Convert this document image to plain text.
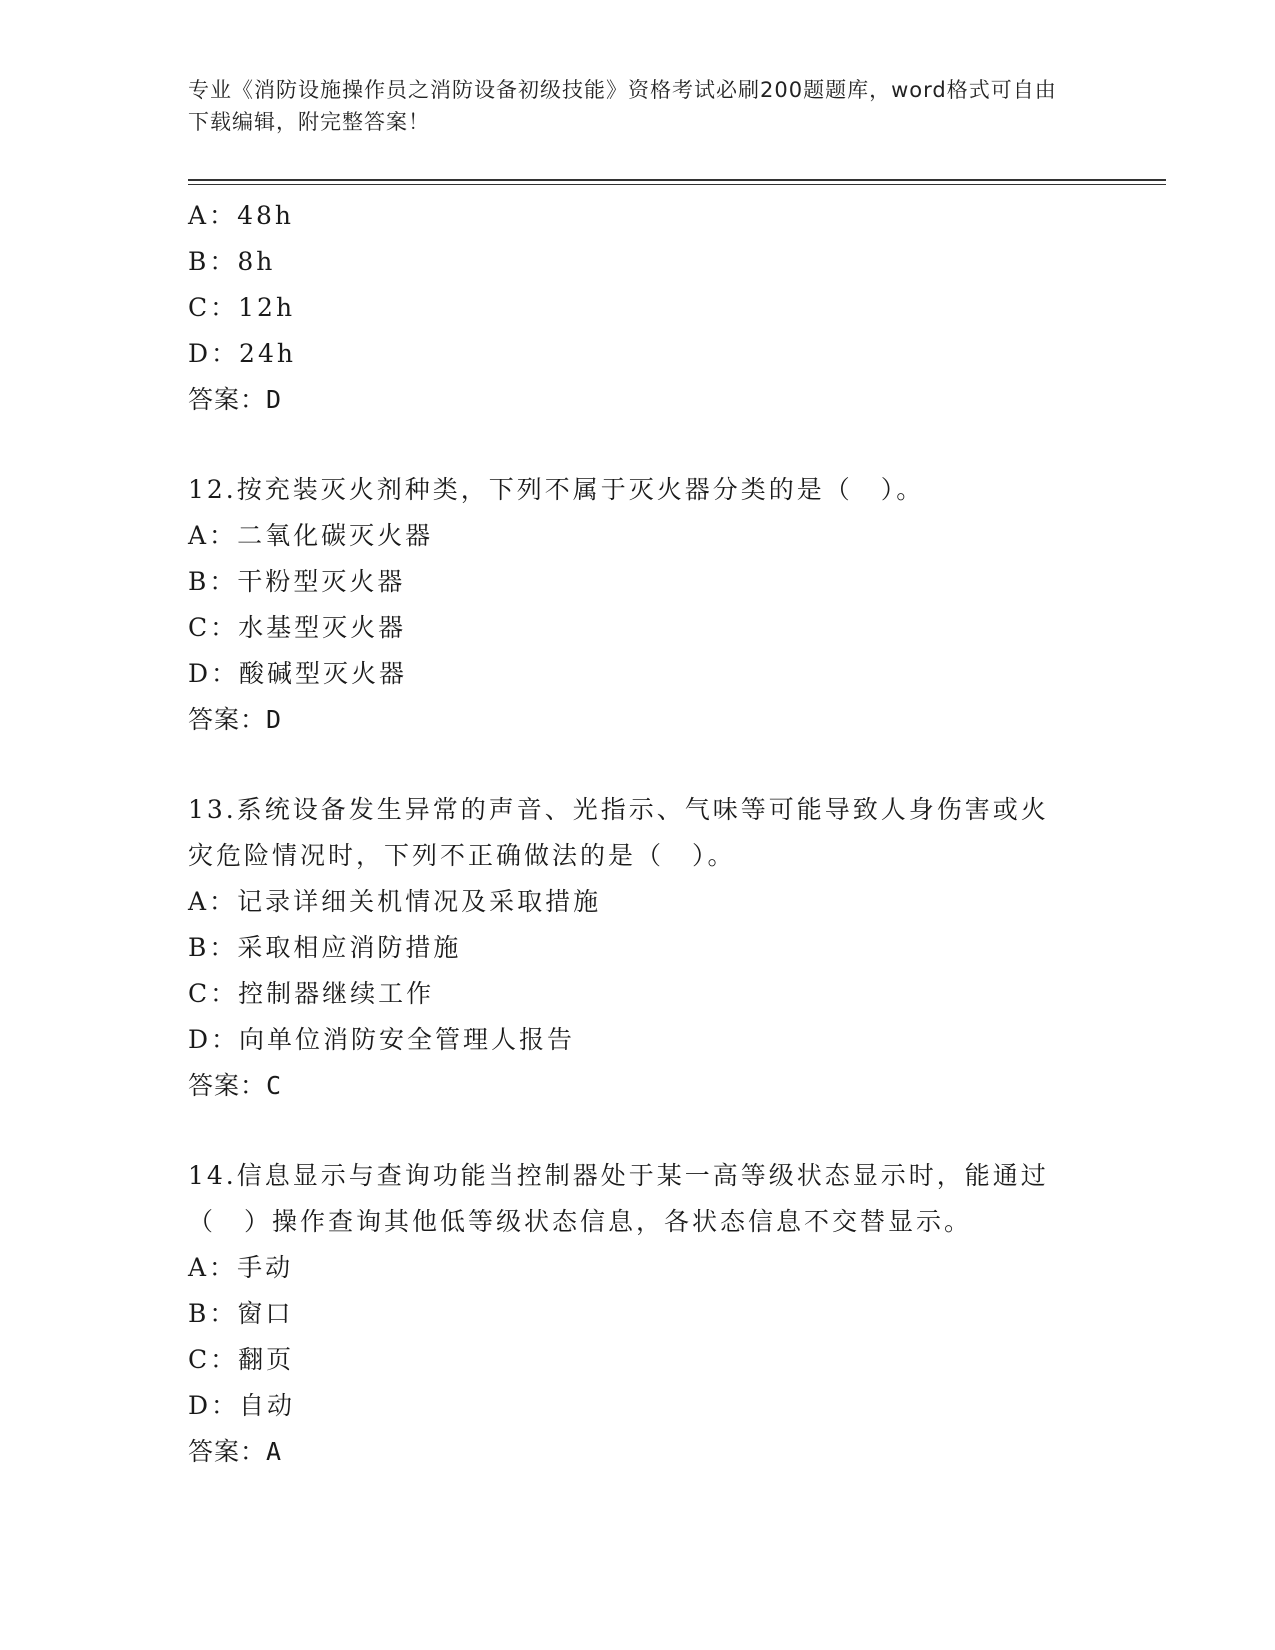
专业《消防设施操作员之消防设备初级技能》资格考试必刷200题题库，word格式可自由下载编辑，附完整答案！
A：48h
B：8h
C：12h
D：24h
答案：D
12.按充装灭火剂种类，下列不属于灭火器分类的是（　）。
A：二氧化碳灭火器
B：干粉型灭火器
C：水基型灭火器
D：酸碱型灭火器
答案：D
13.系统设备发生异常的声音、光指示、气味等可能导致人身伤害或火
灾危险情况时，下列不正确做法的是（　）。
A：记录详细关机情况及采取措施
B：采取相应消防措施
C：控制器继续工作
D：向单位消防安全管理人报告
答案：C
14.信息显示与查询功能当控制器处于某一高等级状态显示时，能通过
（　）操作查询其他低等级状态信息，各状态信息不交替显示。
A：手动
B：窗口
C：翻页
D：自动
答案：A
